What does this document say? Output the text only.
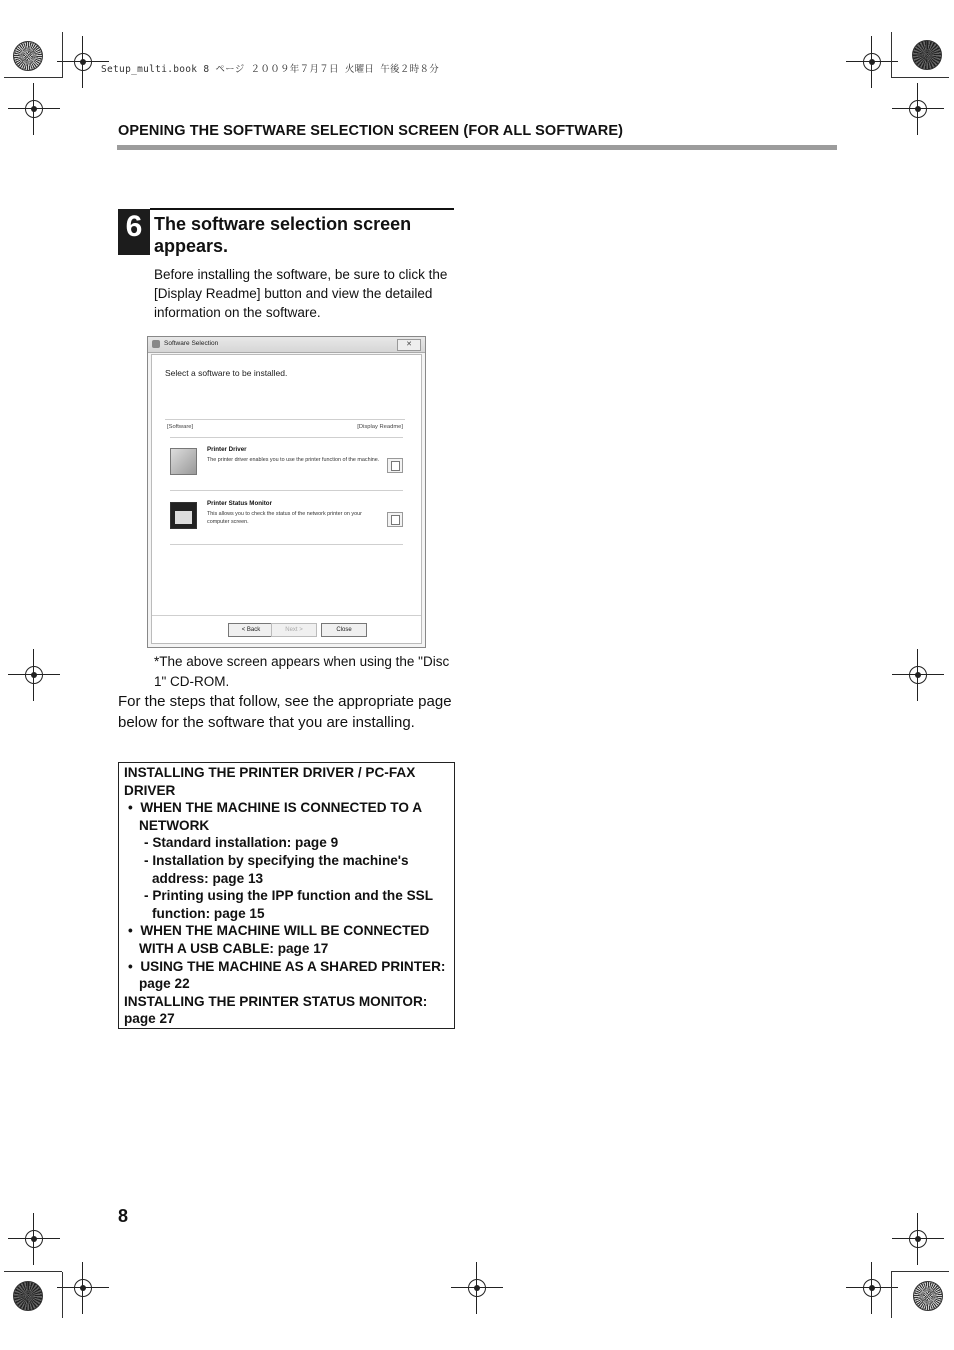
Setup_multi.book 8 ページ ２００９年７月７日 火曜日 午後２時８分
OPENING THE SOFTWARE SELECTION SCREEN (FOR ALL SOFTWARE)
6 The software selection screen appears.
Before installing the software, be sure to click the [Display Readme] button and view the detailed information on the software.
Software Selection	✕
Select a software to be installed.
[Software]	[Display Readme]
Printer Driver
The printer driver enables you to use the printer function of the machine.
Printer Status Monitor
This allows you to check the status of the network printer on your computer screen.
< Back	Next >	Close
*The above screen appears when using the "Disc 1" CD-ROM.
For the steps that follow, see the appropriate page below for the software that you are installing.
INSTALLING THE PRINTER DRIVER / PC-FAX DRIVER
•  WHEN THE MACHINE IS CONNECTED TO A NETWORK
- Standard installation: page 9
- Installation by specifying the machine's address: page 13
- Printing using the IPP function and the SSL function: page 15
•  WHEN THE MACHINE WILL BE CONNECTED WITH A USB CABLE: page 17
•  USING THE MACHINE AS A SHARED PRINTER: page 22
INSTALLING THE PRINTER STATUS MONITOR: page 27
8
